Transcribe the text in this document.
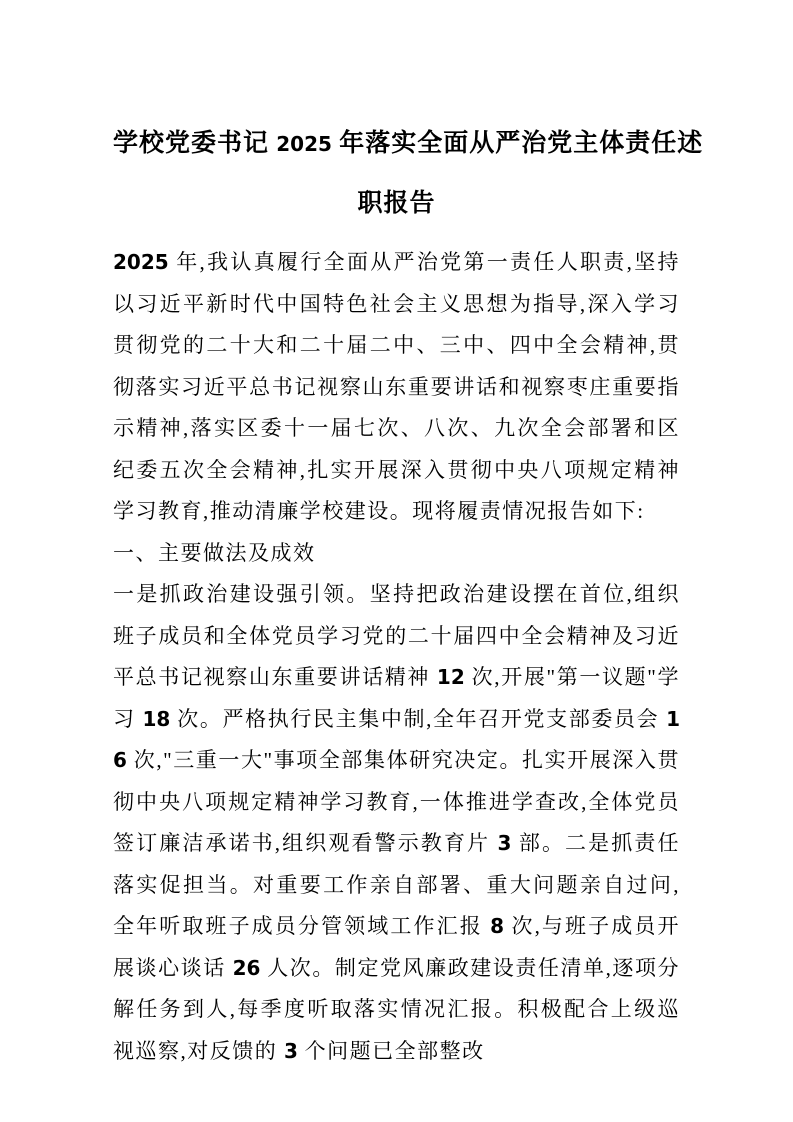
学校党委书记 2025 年落实全面从严治党主体责任述
职报告

2025 年,我认真履行全面从严治党第一责任人职责,坚持以习近平新时代中国特色社会主义思想为指导,深入学习贯彻党的二十大和二十届二中、三中、四中全会精神,贯彻落实习近平总书记视察山东重要讲话和视察枣庄重要指示精神,落实区委十一届七次、八次、九次全会部署和区纪委五次全会精神,扎实开展深入贯彻中央八项规定精神学习教育,推动清廉学校建设。现将履责情况报告如下:

一、主要做法及成效

一是抓政治建设强引领。坚持把政治建设摆在首位,组织班子成员和全体党员学习党的二十届四中全会精神及习近平总书记视察山东重要讲话精神 12 次,开展"第一议题"学习 18 次。严格执行民主集中制,全年召开党支部委员会 16 次,"三重一大"事项全部集体研究决定。扎实开展深入贯彻中央八项规定精神学习教育,一体推进学查改,全体党员签订廉洁承诺书,组织观看警示教育片 3 部。二是抓责任落实促担当。对重要工作亲自部署、重大问题亲自过问,全年听取班子成员分管领域工作汇报 8 次,与班子成员开展谈心谈话 26 人次。制定党风廉政建设责任清单,逐项分解任务到人,每季度听取落实情况汇报。积极配合上级巡视巡察,对反馈的 3 个问题已全部整改
